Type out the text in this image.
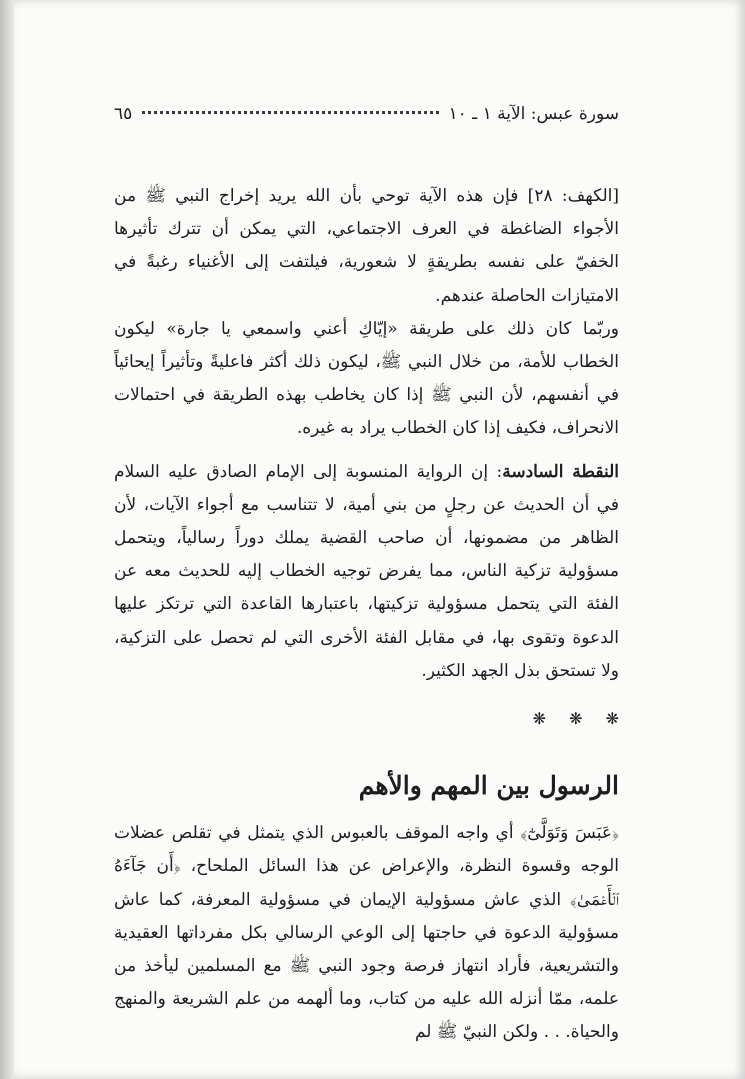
سورة عبس: الآية ١ ـ ١٠
٦٥

[الكهف: ٢٨] فإن هذه الآية توحي بأن الله يريد إخراج النبي ﷺ من الأجواء الضاغطة في العرف الاجتماعي، التي يمكن أن تترك تأثيرها الخفيّ على نفسه بطريقةٍ لا شعورية، فيلتفت إلى الأغنياء رغبةً في الامتيازات الحاصلة عندهم.

وربّما كان ذلك على طريقة «إيّاكِ أعني واسمعي يا جارة» ليكون الخطاب للأمة، من خلال النبي ﷺ، ليكون ذلك أكثر فاعليةً وتأثيراً إيحائياً في أنفسهم، لأن النبي ﷺ إذا كان يخاطب بهذه الطريقة في احتمالات الانحراف، فكيف إذا كان الخطاب يراد به غيره.

النقطة السادسة: إن الرواية المنسوبة إلى الإمام الصادق عليه السلام في أن الحديث عن رجلٍ من بني أمية، لا تتناسب مع أجواء الآيات، لأن الظاهر من مضمونها، أن صاحب القضية يملك دوراً رسالياً، ويتحمل مسؤولية تزكية الناس، مما يفرض توجيه الخطاب إليه للحديث معه عن الفئة التي يتحمل مسؤولية تزكيتها، باعتبارها القاعدة التي ترتكز عليها الدعوة وتقوى بها، في مقابل الفئة الأخرى التي لم تحصل على التزكية، ولا تستحق بذل الجهد الكثير.

❋ ❋ ❋

الرسول بين المهم والأهم

﴿عَبَسَ وَتَوَلَّىٰٓ﴾ أي واجه الموقف بالعبوس الذي يتمثل في تقلص عضلات الوجه وقسوة النظرة، والإعراض عن هذا السائل الملحاح، ﴿أَن جَآءَهُ ٱلۡأَعۡمَىٰ﴾ الذي عاش مسؤولية الإيمان في مسؤولية المعرفة، كما عاش مسؤولية الدعوة في حاجتها إلى الوعي الرسالي بكل مفرداتها العقيدية والتشريعية، فأراد انتهاز فرصة وجود النبي ﷺ مع المسلمين ليأخذ من علمه، ممّا أنزله الله عليه من كتاب، وما ألهمه من علم الشريعة والمنهج والحياة. . . ولكن النبيّ ﷺ لم
